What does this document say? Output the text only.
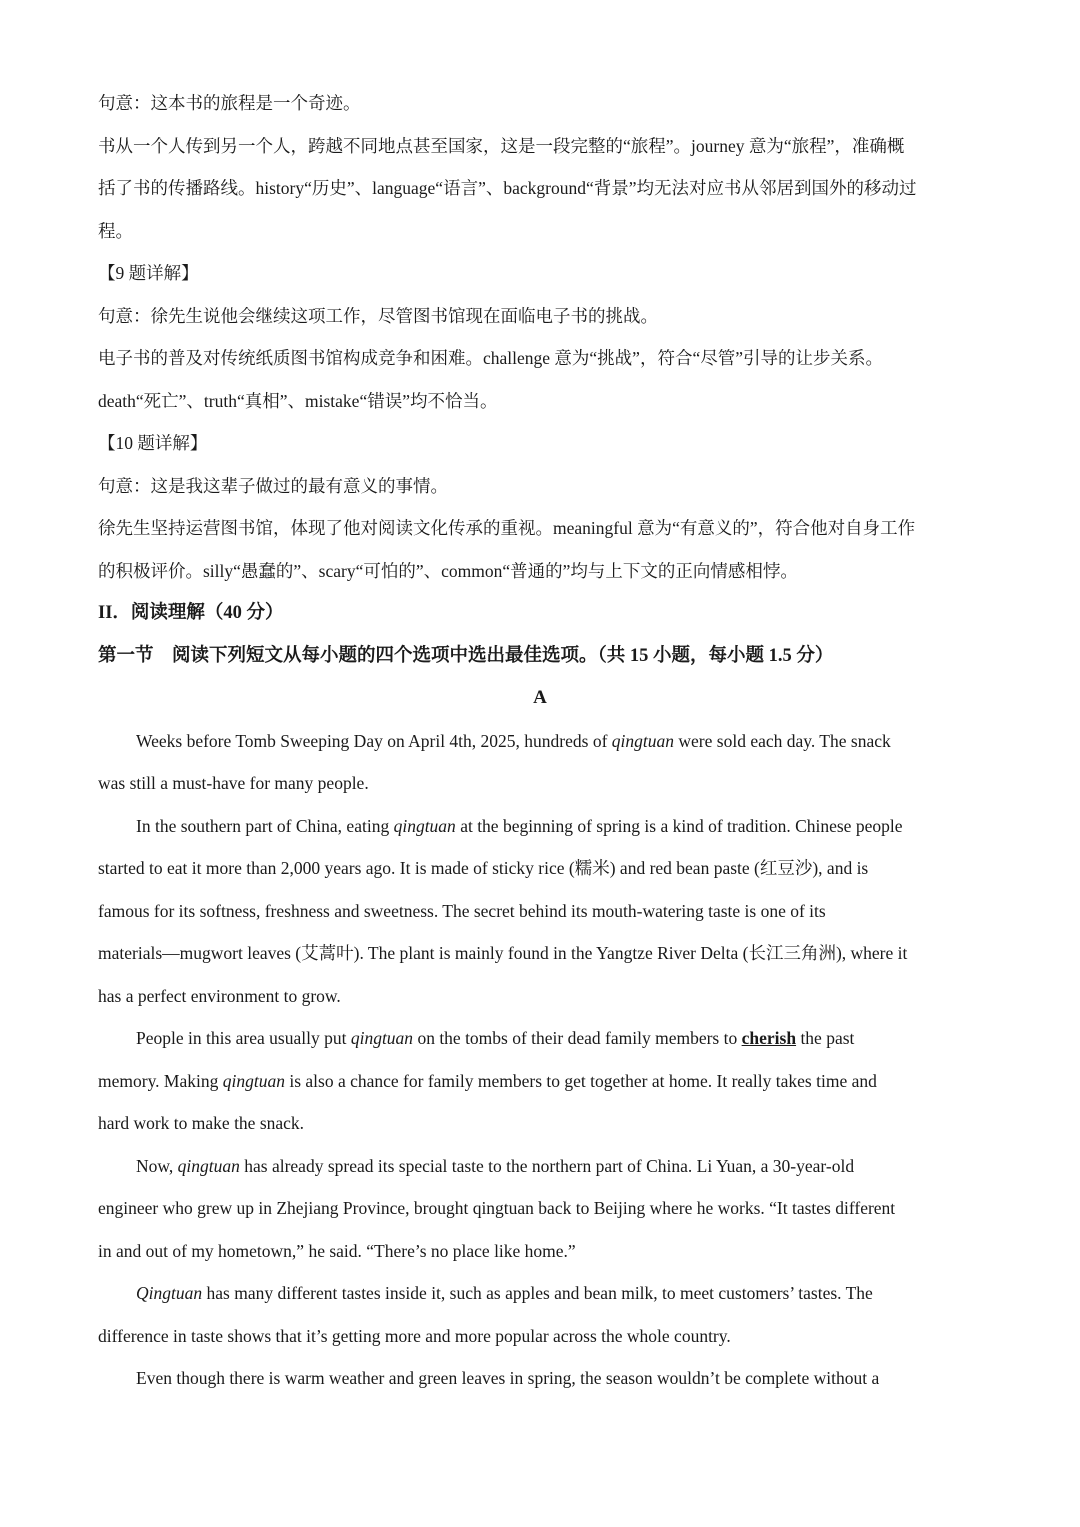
句意：这本书的旅程是一个奇迹。
书从一个人传到另一个人，跨越不同地点甚至国家，这是一段完整的“旅程”。journey 意为“旅程”，准确概
括了书的传播路线。history“历史”、language“语言”、background“背景”均无法对应书从邻居到国外的移动过
程。
【9 题详解】
句意：徐先生说他会继续这项工作，尽管图书馆现在面临电子书的挑战。
电子书的普及对传统纸质图书馆构成竞争和困难。challenge 意为“挑战”，符合“尽管”引导的让步关系。
death“死亡”、truth“真相”、mistake“错误”均不恰当。
【10 题详解】
句意：这是我这辈子做过的最有意义的事情。
徐先生坚持运营图书馆，体现了他对阅读文化传承的重视。meaningful 意为“有意义的”，符合他对自身工作
的积极评价。silly“愚蠢的”、scary“可怕的”、common“普通的”均与上下文的正向情感相悖。
II．阅读理解（40 分）
第一节　阅读下列短文从每小题的四个选项中选出最佳选项。（共 15 小题，每小题 1.5 分）
A
Weeks before Tomb Sweeping Day on April 4th, 2025, hundreds of qingtuan were sold each day. The snack
was still a must-have for many people.
In the southern part of China, eating qingtuan at the beginning of spring is a kind of tradition. Chinese people
started to eat it more than 2,000 years ago. It is made of sticky rice (糯米) and red bean paste (红豆沙), and is
famous for its softness, freshness and sweetness. The secret behind its mouth-watering taste is one of its
materials—mugwort leaves (艾蒿叶). The plant is mainly found in the Yangtze River Delta (长江三角洲), where it
has a perfect environment to grow.
People in this area usually put qingtuan on the tombs of their dead family members to cherish the past
memory. Making qingtuan is also a chance for family members to get together at home. It really takes time and
hard work to make the snack.
Now, qingtuan has already spread its special taste to the northern part of China. Li Yuan, a 30-year-old
engineer who grew up in Zhejiang Province, brought qingtuan back to Beijing where he works. “It tastes different
in and out of my hometown,” he said. “There’s no place like home.”
Qingtuan has many different tastes inside it, such as apples and bean milk, to meet customers’ tastes. The
difference in taste shows that it’s getting more and more popular across the whole country.
Even though there is warm weather and green leaves in spring, the season wouldn’t be complete without a
